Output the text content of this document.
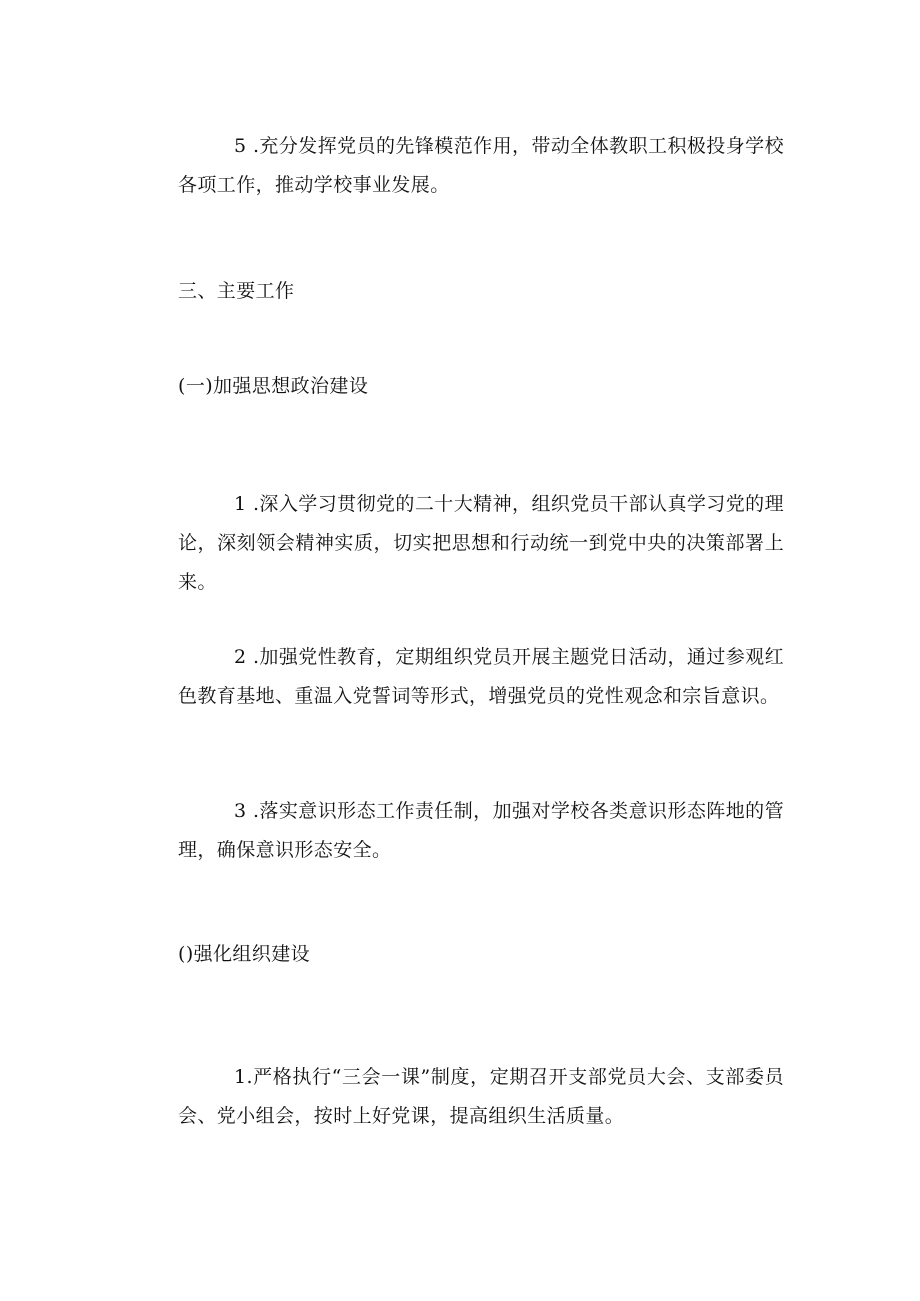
5 .充分发挥党员的先锋模范作用，带动全体教职工积极投身学校各项工作，推动学校事业发展。

三、主要工作

(一)加强思想政治建设

1 .深入学习贯彻党的二十大精神，组织党员干部认真学习党的理论，深刻领会精神实质，切实把思想和行动统一到党中央的决策部署上来。

2 .加强党性教育，定期组织党员开展主题党日活动，通过参观红色教育基地、重温入党誓词等形式，增强党员的党性观念和宗旨意识。

3 .落实意识形态工作责任制，加强对学校各类意识形态阵地的管理，确保意识形态安全。

()强化组织建设

1.严格执行“三会一课”制度，定期召开支部党员大会、支部委员会、党小组会，按时上好党课，提高组织生活质量。
